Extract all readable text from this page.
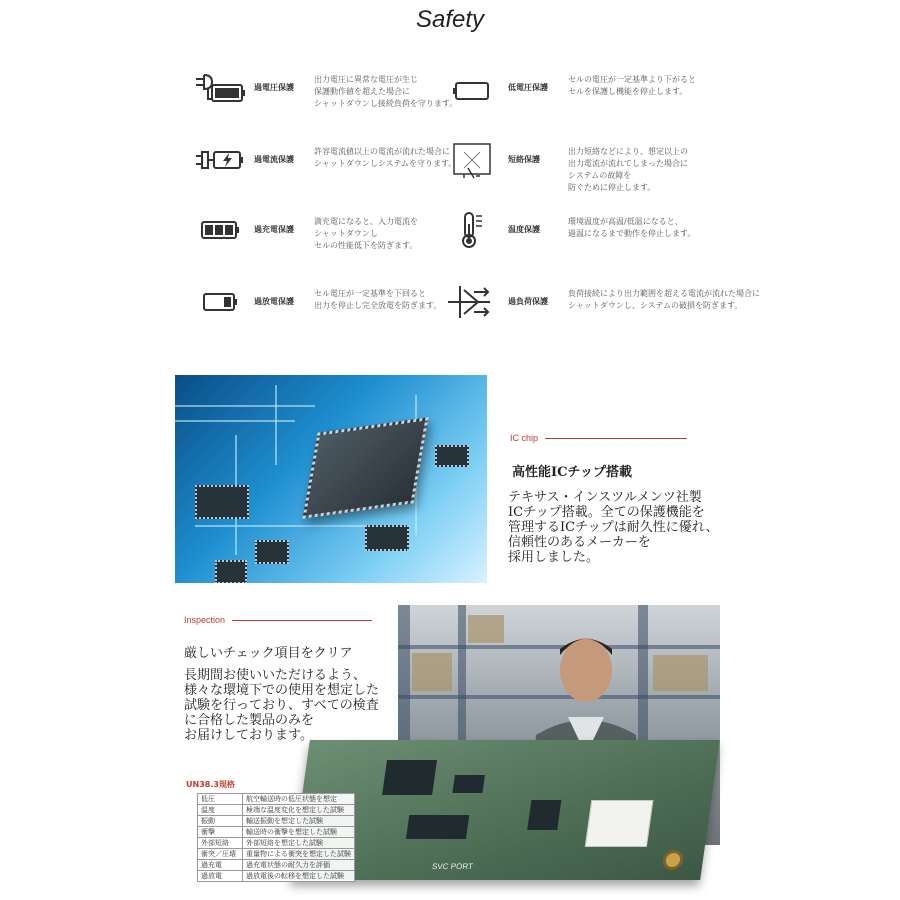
Safety
過電圧保護
出力電圧に異常な電圧が生じ
保護動作値を超えた場合に
シャットダウンし接続負荷を守ります。
過電流保護
許容電流値以上の電流が流れた場合に
シャットダウンしシステムを守ります。
過充電保護
満充電になると、入力電流を
シャットダウンし
セルの性能低下を防ぎます。
過放電保護
セル電圧が一定基準を下回ると
出力を停止し完全放電を防ぎます。
低電圧保護
セルの電圧が一定基準より下がると
セルを保護し機能を停止します。
短絡保護
出力短絡などにより、想定以上の
出力電流が流れてしまった場合に
システムの故障を
防ぐために停止します。
温度保護
環境温度が高温/低温になると、
過温になるまで動作を停止します。
過負荷保護
負荷接続により出力範囲を超える電流が流れた場合に
シャットダウンし、システムの破損を防ぎます。
IC chip
高性能ICチップ搭載
テキサス・インスツルメンツ社製
ICチップ搭載。全ての保護機能を
管理するICチップは耐久性に優れ、
信頼性のあるメーカーを
採用しました。
SVC PORT
Inspection
厳しいチェック項目をクリア
長期間お使いいただけるよう、
様々な環境下での使用を想定した
試験を行っており、すべての検査
に合格した製品のみを
お届けしております。
UN38.3規格
低圧	航空輸送時の低圧状態を想定
温度	極端な温度変化を想定した試験
振動	輸送振動を想定した試験
衝撃	輸送時の衝撃を想定した試験
外部短絡	外部短絡を想定した試験
衝突／圧壊	重量物による衝突を想定した試験
過充電	過充電状態の耐久力を評価
過放電	過放電後の転移を想定した試験
